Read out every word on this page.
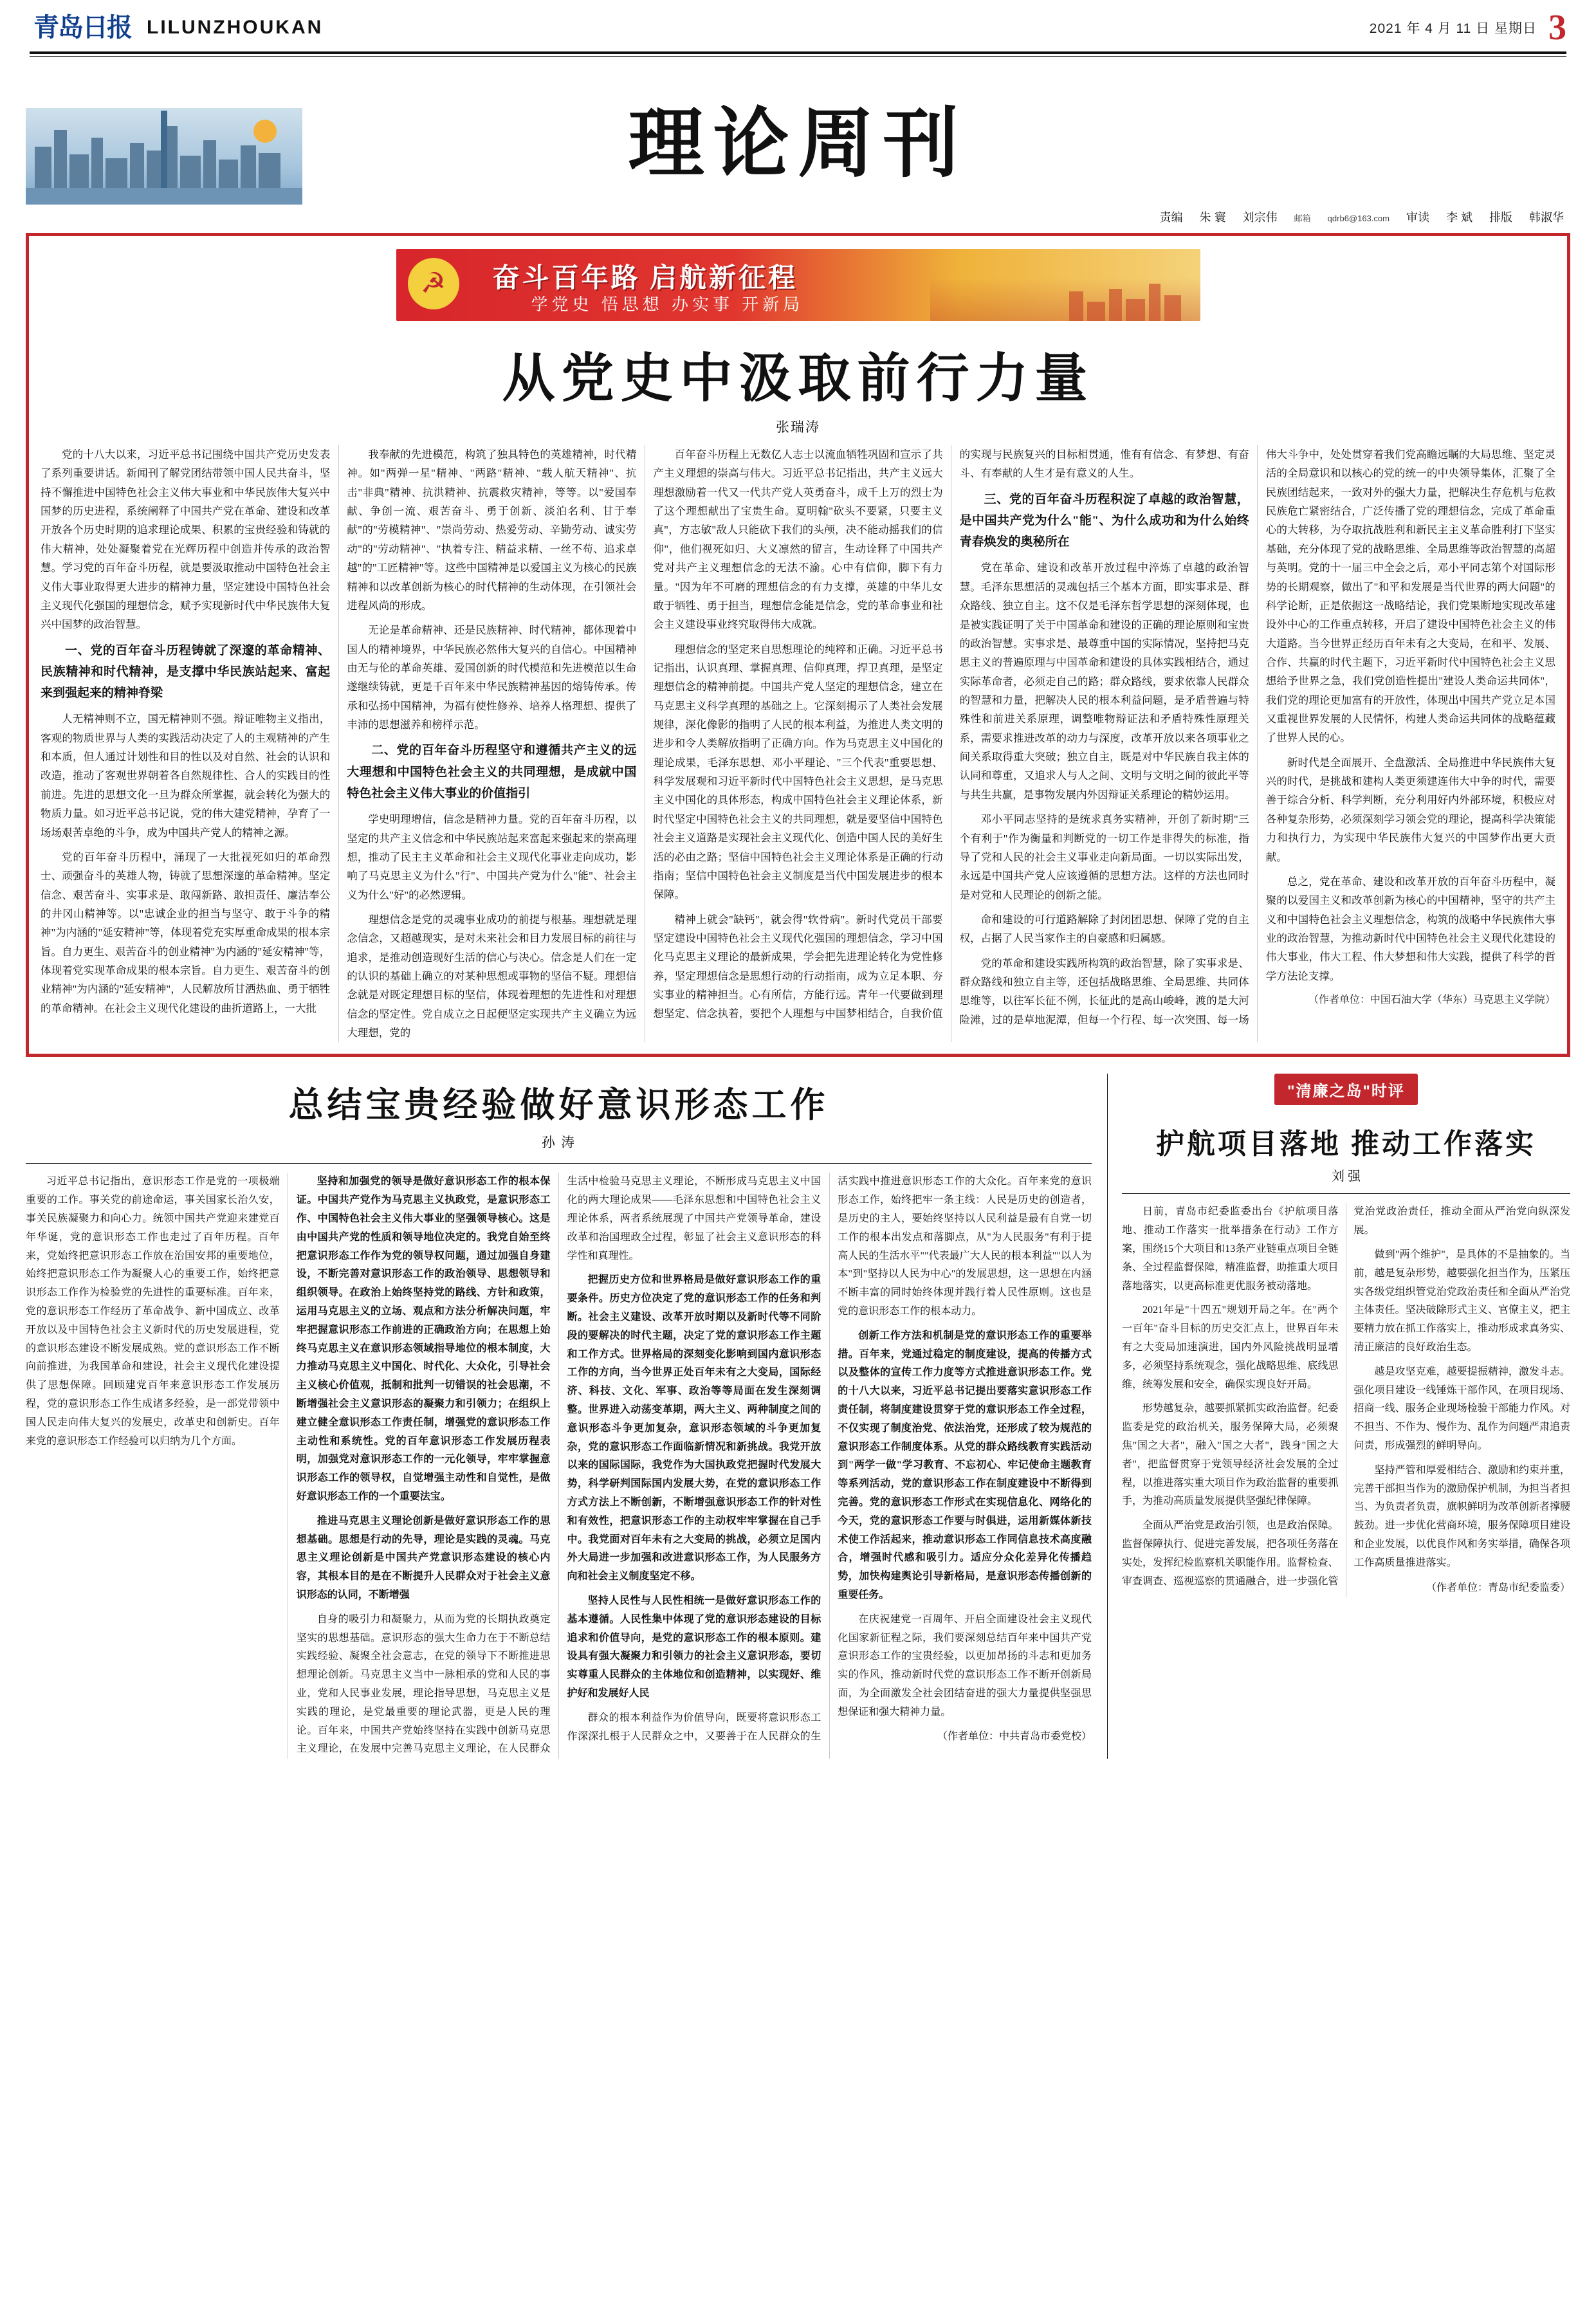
青岛日报 LILUNZHOUKAN	2021 年 4 月 11 日 星期日 3
理论周刊
责编 朱 寰 刘宗伟 邮箱 qdrb6@163.com 审读 李 斌 排版 韩淑华
☭	奋斗百年路 启航新征程
学党史 悟思想 办实事 开新局
从党史中汲取前行力量
张瑞涛

党的十八大以来，习近平总书记围绕中国共产党历史发表了系列重要讲话。新闻刊了解党团结带领中国人民共奋斗，坚持不懈推进中国特色社会主义伟大事业和中华民族伟大复兴中国梦的历史进程，系统阐释了中国共产党在革命、建设和改革开放各个历史时期的追求理论成果、积累的宝贵经验和铸就的伟大精神，处处凝聚着党在光辉历程中创造并传承的政治智慧。学习党的百年奋斗历程，就是要汲取推动中国特色社会主义伟大事业取得更大进步的精神力量，坚定建设中国特色社会主义现代化强国的理想信念，赋予实现新时代中华民族伟大复兴中国梦的政治智慧。

一、党的百年奋斗历程铸就了深邃的革命精神、民族精神和时代精神，是支撑中华民族站起来、富起来到强起来的精神脊梁

人无精神则不立，国无精神则不强。辩证唯物主义指出，客观的物质世界与人类的实践活动决定了人的主观精神的产生和本质，但人通过计划性和目的性以及对自然、社会的认识和改造，推动了客观世界朝着各自然规律性、合人的实践目的性前进。先进的思想文化一旦为群众所掌握，就会转化为强大的物质力量。如习近平总书记说，党的伟大建党精神，孕育了一场场艰苦卓绝的斗争，成为中国共产党人的精神之源。

党的百年奋斗历程中，涌现了一大批视死如归的革命烈士、顽强奋斗的英雄人物，铸就了思想深邃的革命精神。坚定信念、艰苦奋斗、实事求是、敢闯新路、敢担责任、廉洁奉公的井冈山精神等。以"忠诚企业的担当与坚守、敢于斗争的精神"为内涵的"延安精神"等，体现着党充实厚重命成果的根本宗旨。自力更生、艰苦奋斗的创业精神"为内涵的"延安精神"等，体现着党实现革命成果的根本宗旨。自力更生、艰苦奋斗的创业精神"为内涵的"延安精神"，人民解放所甘洒热血、勇于牺牲的革命精神。在社会主义现代化建设的曲折道路上，一大批

我奉献的先进模范，构筑了独具特色的英雄精神，时代精神。如"两弹一星"精神、"两路"精神、"载人航天精神"、抗击"非典"精神、抗洪精神、抗震救灾精神，等等。以"爱国奉献、争创一流、艰苦奋斗、勇于创新、淡泊名利、甘于奉献"的"劳模精神"、"崇尚劳动、热爱劳动、辛勤劳动、诚实劳动"的"劳动精神"、"执着专注、精益求精、一丝不苟、追求卓越"的"工匠精神"等。这些中国精神是以爱国主义为核心的民族精神和以改革创新为核心的时代精神的生动体现，在引领社会进程风尚的形成。

无论是革命精神、还是民族精神、时代精神，都体现着中国人的精神境界，中华民族必然伟大复兴的自信心。中国精神由无与伦的革命英雄、爱国创新的时代模范和先进模范以生命遂继续铸就，更是千百年来中华民族精神基因的熔铸传承。传承和弘扬中国精神，为福有使性修养、培养人格理想、提供了丰沛的思想滋养和榜样示范。

二、党的百年奋斗历程坚守和遵循共产主义的远大理想和中国特色社会主义的共同理想，是成就中国特色社会主义伟大事业的价值指引

学史明理增信，信念是精神力量。党的百年奋斗历程，以坚定的共产主义信念和中华民族站起来富起来强起来的崇高理想，推动了民主主义革命和社会主义现代化事业走向成功，影响了马克思主义为什么"行"、中国共产党为什么"能"、社会主义为什么"好"的必然逻辑。

理想信念是党的灵魂事业成功的前提与根基。理想就是理念信念，又超越现实，是对未来社会和目力发展目标的前往与追求，是推动创造现好生活的信心与决心。信念是人们在一定的认识的基础上确立的对某种思想或事物的坚信不疑。理想信念就是对既定理想目标的坚信，体现着理想的先进性和对理想信念的坚定性。党自成立之日起便坚定实现共产主义确立为远大理想，党的

百年奋斗历程上无数亿人志士以流血牺牲巩固和宣示了共产主义理想的崇高与伟大。习近平总书记指出，共产主义远大理想激励着一代又一代共产党人英勇奋斗，成千上万的烈士为了这个理想献出了宝贵生命。夏明翰"砍头不要紧，只要主义真"，方志敏"敌人只能砍下我们的头颅，决不能动摇我们的信仰"，他们视死如归、大义凛然的留言，生动诠释了中国共产党对共产主义理想信念的无法不渝。心中有信仰，脚下有力量。"因为年不可磨的理想信念的有力支撑，英雄的中华儿女敢于牺牲、勇于担当，理想信念能是信念，党的革命事业和社会主义建设事业终究取得伟大成就。

理想信念的坚定来自思想理论的纯粹和正确。习近平总书记指出，认识真理、掌握真理、信仰真理，捍卫真理，是坚定理想信念的精神前提。中国共产党人坚定的理想信念，建立在马克思主义科学真理的基础之上。它深刻揭示了人类社会发展规律，深化像影的指明了人民的根本利益，为推进人类文明的进步和令人类解放指明了正确方向。作为马克思主义中国化的理论成果，毛泽东思想、邓小平理论、"三个代表"重要思想、科学发展观和习近平新时代中国特色社会主义思想，是马克思主义中国化的具体形态，构成中国特色社会主义理论体系，新时代坚定中国特色社会主义的共同理想，就是要坚信中国特色社会主义道路是实现社会主义现代化、创造中国人民的美好生活的必由之路；坚信中国特色社会主义理论体系是正确的行动指南；坚信中国特色社会主义制度是当代中国发展进步的根本保障。

精神上就会"缺钙"，就会得"软骨病"。新时代党员干部要坚定建设中国特色社会主义现代化强国的理想信念，学习中国化马克思主义理论的最新成果，学会把先进理论转化为党性修养，坚定理想信念是思想行动的行动指南，成为立足本职、夯实事业的精神担当。心有所信，方能行远。青年一代要做到理想坚定、信念执着，要把个人理想与中国梦相结合，自我价值的实现与民族复兴的目标相贯通，惟有有信念、有梦想、有奋斗、有奉献的人生才是有意义的人生。

三、党的百年奋斗历程积淀了卓越的政治智慧，是中国共产党为什么"能"、为什么成功和为什么始终青春焕发的奥秘所在

党在革命、建设和改革开放过程中淬炼了卓越的政治智慧。毛泽东思想活的灵魂包括三个基本方面，即实事求是、群众路线、独立自主。这不仅是毛泽东哲学思想的深刻体现，也是被实践证明了关于中国革命和建设的正确的理论原则和宝贵的政治智慧。实事求是、最尊重中国的实际情况，坚持把马克思主义的普遍原理与中国革命和建设的具体实践相结合，通过实际革命者，必须走自己的路；群众路线，要求依靠人民群众的智慧和力量，把解决人民的根本利益问题，是矛盾普遍与特殊性和前进关系原理，调整唯物辩证法和矛盾特殊性原理关系，需要求推进改革的动力与深度，改革开放以来各项事业之间关系取得重大突破；独立自主，既是对中华民族自我主体的认同和尊重，又追求人与人之间、文明与文明之间的彼此平等与共生共赢，是事物发展内外因辩证关系理论的精妙运用。

邓小平同志坚持的是统求真务实精神，开创了新时期"三个有利于"作为衡量和判断党的一切工作是非得失的标准，指导了党和人民的社会主义事业走向新局面。一切以实际出发，永远是中国共产党人应该遵循的思想方法。这样的方法也同时是对党和人民理论的创新之能。

命和建设的可行道路解除了封闭团思想、保障了党的自主权，占据了人民当家作主的自豪感和归属感。

党的革命和建设实践所构筑的政治智慧，除了实事求是、群众路线和独立自主等，还包括战略思维、全局思维、共同体思维等，以往军长征不例，长征此的是高山峻峰，渡的是大河险滩，过的是草地泥潭，但每一个行程、每一次突围、每一场伟大斗争中，处处贯穿着我们党高瞻远瞩的大局思维、坚定灵活的全局意识和以核心的党的统一的中央领导集体，汇聚了全民族团结起来，一致对外的强大力量，把解决生存危机与危救民族危亡紧密结合，广泛传播了党的理想信念，完成了革命重心的大转移，为夺取抗战胜利和新民主主义革命胜利打下坚实基础，充分体现了党的战略思维、全局思维等政治智慧的高超与英明。党的十一届三中全会之后，邓小平同志第个对国际形势的长期观察，做出了"和平和发展是当代世界的两大问题"的科学论断，正是依据这一战略结论，我们党果断地实现改革建设外中心的工作重点转移，开启了建设中国特色社会主义的伟大道路。当今世界正经历百年未有之大变局，在和平、发展、合作、共赢的时代主题下，习近平新时代中国特色社会主义思想给予世界之急，我们党创造性提出"建设人类命运共同体"，我们党的理论更加富有的开放性，体现出中国共产党立足本国又重视世界发展的人民情怀，构建人类命运共同体的战略蕴藏了世界人民的心。

新时代是全面展开、全盘激活、全局推进中华民族伟大复兴的时代，是挑战和建构人类更须建连伟大中争的时代，需要善于综合分析、科学判断，充分利用好内外部环境，积极应对各种复杂形势，必须深刻学习领会党的理论，提高科学决策能力和执行力，为实现中华民族伟大复兴的中国梦作出更大贡献。

总之，党在革命、建设和改革开放的百年奋斗历程中，凝聚的以爱国主义和改革创新为核心的中国精神，坚守的共产主义和中国特色社会主义理想信念，构筑的战略中华民族伟大事业的政治智慧，为推动新时代中国特色社会主义现代化建设的伟大事业，伟大工程、伟大梦想和伟大实践，提供了科学的哲学方法论支撑。

（作者单位：中国石油大学（华东）马克思主义学院）
总结宝贵经验做好意识形态工作
孙 涛

习近平总书记指出，意识形态工作是党的一项极端重要的工作。事关党的前途命运，事关国家长治久安，事关民族凝聚力和向心力。统领中国共产党迎来建党百年华诞，党的意识形态工作也走过了百年历程。百年来，党始终把意识形态工作放在治国安邦的重要地位，始终把意识形态工作为凝聚人心的重要工作，始终把意识形态工作作为检验党的先进性的重要标准。百年来，党的意识形态工作经历了革命战争、新中国成立、改革开放以及中国特色社会主义新时代的历史发展进程，党的意识形态建设不断发展成熟。党的意识形态工作不断向前推进，为我国革命和建设，社会主义现代化建设提供了思想保障。回顾建党百年来意识形态工作发展历程，党的意识形态工作生成诸多经验，是一部党带领中国人民走向伟大复兴的发展史，改革史和创新史。百年来党的意识形态工作经验可以归纳为几个方面。

坚持和加强党的领导是做好意识形态工作的根本保证。中国共产党作为马克思主义执政党，是意识形态工作、中国特色社会主义伟大事业的坚强领导核心。这是由中国共产党的性质和领导地位决定的。我党自始至终把意识形态工作作为党的领导权问题，通过加强自身建设，不断完善对意识形态工作的政治领导、思想领导和组织领导。在政治上始终坚持党的路线、方针和政策，运用马克思主义的立场、观点和方法分析解决问题，牢牢把握意识形态工作前进的正确政治方向；在思想上始终马克思主义在意识形态领域指导地位的根本制度，大力推动马克思主义中国化、时代化、大众化，引导社会主义核心价值观，抵制和批判一切错误的社会思潮，不断增强社会主义意识形态的凝聚力和引领力；在组织上建立健全意识形态工作责任制，增强党的意识形态工作主动性和系统性。党的百年意识形态工作发展历程表明，加强党对意识形态工作的一元化领导，牢牢掌握意识形态工作的领导权，自觉增强主动性和自觉性，是做好意识形态工作的一个重要法宝。

推进马克思主义理论创新是做好意识形态工作的思想基础。思想是行动的先导，理论是实践的灵魂。马克思主义理论创新是中国共产党意识形态建设的核心内容，其根本目的是在不断提升人民群众对于社会主义意识形态的认同，不断增强

自身的吸引力和凝聚力，从而为党的长期执政奠定坚实的思想基础。意识形态的强大生命力在于不断总结实践经验、凝聚全社会意志，在党的领导下不断推进思想理论创新。马克思主义当中一脉相承的党和人民的事业，党和人民事业发展，理论指导思想，马克思主义是实践的理论，是党最重要的理论武器，更是人民的理论。百年来，中国共产党始终坚持在实践中创新马克思主义理论，在发展中完善马克思主义理论，在人民群众生活中检验马克思主义理论，不断形成马克思主义中国化的两大理论成果——毛泽东思想和中国特色社会主义理论体系，两者系统展现了中国共产党领导革命，建设改革和治国理政全过程，彰显了社会主义意识形态的科学性和真理性。

把握历史方位和世界格局是做好意识形态工作的重要条件。历史方位决定了党的意识形态工作的任务和判断。社会主义建设、改革开放时期以及新时代等不同阶段的要解决的时代主题，决定了党的意识形态工作主题和工作方式。世界格局的深刻变化影响到国内意识形态工作的方向，当今世界正处百年未有之大变局，国际经济、科技、文化、军事、政治等等局面在发生深刻调整。世界进入动荡变革期，两大主义、两种制度之间的意识形态斗争更加复杂，意识形态领域的斗争更加复杂，党的意识形态工作面临新情况和新挑战。我党开放以来的国际国际，我党作为大国执政党把握时代发展大势，科学研判国际国内发展大势，在党的意识形态工作方式方法上不断创新，不断增强意识形态工作的针对性和有效性，把意识形态工作的主动权牢牢掌握在自己手中。我党面对百年未有之大变局的挑战，必须立足国内外大局进一步加强和改进意识形态工作，为人民服务方向和社会主义制度坚定不移。

坚持人民性与人民性相统一是做好意识形态工作的基本遵循。人民性集中体现了党的意识形态建设的目标追求和价值导向，是党的意识形态工作的根本原则。建设具有强大凝聚力和引领力的社会主义意识形态，要切实尊重人民群众的主体地位和创造精神，以实现好、维护好和发展好人民

群众的根本利益作为价值导向，既要将意识形态工作深深扎根于人民群众之中，又要善于在人民群众的生活实践中推进意识形态工作的大众化。百年来党的意识形态工作，始终把牢一条主线：人民是历史的创造者，是历史的主人，要始终坚持以人民利益是最有自党一切工作的根本出发点和落脚点，从"为人民服务"有利于提高人民的生活水平""代表最广大人民的根本利益""以人为本"到"坚持以人民为中心"的发展思想，这一思想在内涵不断丰富的同时始终体现并践行着人民性原则。这也是党的意识形态工作的根本动力。

创新工作方法和机制是党的意识形态工作的重要举措。百年来，党通过稳定的制度建设，提高的传播方式以及整体的宣传工作力度等方式推进意识形态工作。党的十八大以来，习近平总书记提出要落实意识形态工作责任制，将制度建设贯穿于党的意识形态工作全过程，不仅实现了制度治党、依法治党，还形成了较为规范的意识形态工作制度体系。从党的群众路线教育实践活动到"两学一做"学习教育、不忘初心、牢记使命主题教育等系列活动，党的意识形态工作在制度建设中不断得到完善。党的意识形态工作形式在实现信息化、网络化的今天，党的意识形态工作要与时俱进，运用新媒体新技术使工作活起来，推动意识形态工作同信息技术高度融合，增强时代感和吸引力。适应分众化差异化传播趋势，加快构建舆论引导新格局，是意识形态传播创新的重要任务。

在庆祝建党一百周年、开启全面建设社会主义现代化国家新征程之际，我们要深刻总结百年来中国共产党意识形态工作的宝贵经验，以更加昂扬的斗志和更加务实的作风，推动新时代党的意识形态工作不断开创新局面，为全面激发全社会团结奋进的强大力量提供坚强思想保证和强大精神力量。

（作者单位：中共青岛市委党校）
"清廉之岛"时评
护航项目落地 推动工作落实
刘 强

日前，青岛市纪委监委出台《护航项目落地、推动工作落实一批举措条在行动》工作方案，围绕15个大项目和13条产业链重点项目全链条、全过程监督保障，精准监督，助推重大项目落地落实，以更高标准更优服务被动落地。

2021年是"十四五"规划开局之年。在"两个一百年"奋斗目标的历史交汇点上，世界百年未有之大变局加速演进，国内外风险挑战明显增多，必须坚持系统观念，强化战略思维、底线思维，统筹发展和安全，确保实现良好开局。

形势越复杂，越要抓紧抓实政治监督。纪委监委是党的政治机关，服务保障大局，必须聚焦"国之大者"，融入"国之大者"，践身"国之大者"，把监督贯穿于党领导经济社会发展的全过程，以推进落实重大项目作为政治监督的重要抓手，为推动高质量发展提供坚强纪律保障。

全面从严治党是政治引领，也是政治保障。监督保障执行、促进完善发展，把各项任务落在实处，发挥纪检监察机关职能作用。监督检查、审查调查、巡视巡察的贯通融合，进一步强化管党治党政治责任，推动全面从严治党向纵深发展。

做到"两个维护"，是具体的不是抽象的。当前，越是复杂形势，越要强化担当作为，压紧压实各级党组织管党治党政治责任和全面从严治党主体责任。坚决破除形式主义、官僚主义，把主要精力放在抓工作落实上，推动形成求真务实、清正廉洁的良好政治生态。

越是攻坚克难，越要提振精神，激发斗志。强化项目建设一线锤炼干部作风，在项目现场、招商一线、服务企业现场检验干部能力作风。对不担当、不作为、慢作为、乱作为问题严肃追责问责，形成强烈的鲜明导向。

坚持严管和厚爱相结合、激励和约束并重，完善干部担当作为的激励保护机制，为担当者担当、为负责者负责，旗帜鲜明为改革创新者撑腰鼓劲。进一步优化营商环境，服务保障项目建设和企业发展，以优良作风和务实举措，确保各项工作高质量推进落实。

（作者单位：青岛市纪委监委）
